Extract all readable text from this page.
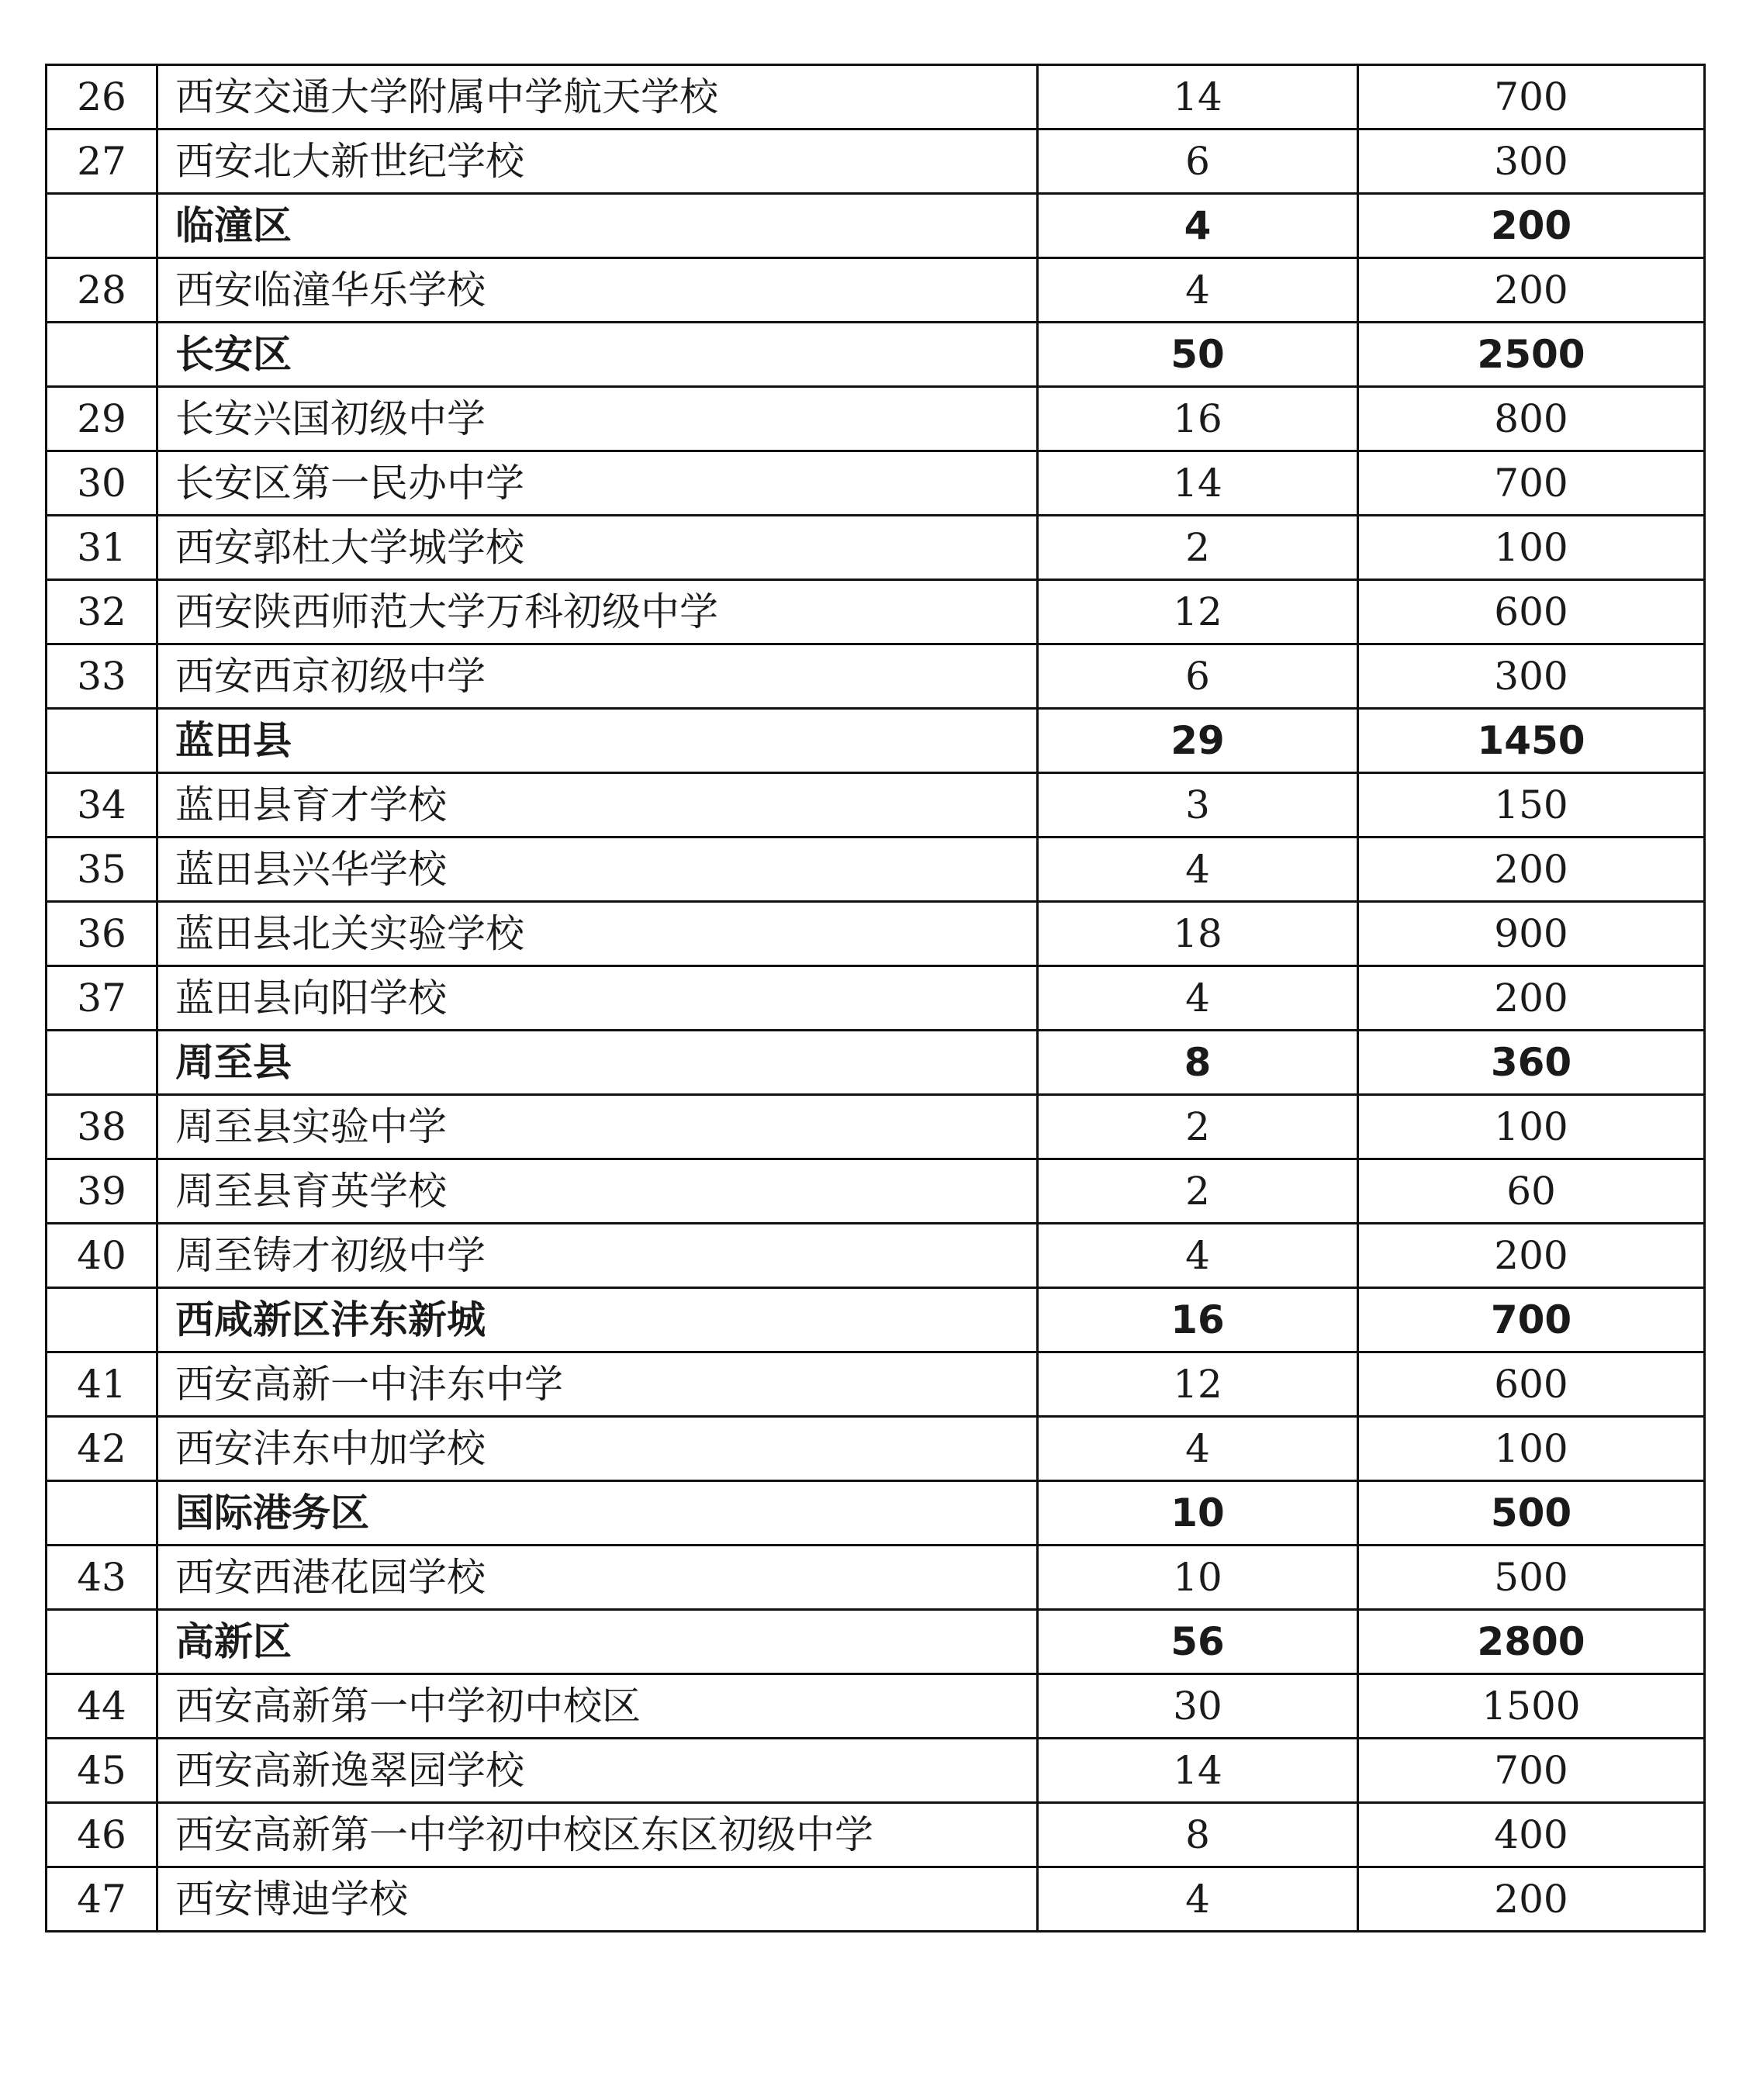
26	西安交通大学附属中学航天学校	14	700
27	西安北大新世纪学校	6	300
	临潼区	4	200
28	西安临潼华乐学校	4	200
	长安区	50	2500
29	长安兴国初级中学	16	800
30	长安区第一民办中学	14	700
31	西安郭杜大学城学校	2	100
32	西安陕西师范大学万科初级中学	12	600
33	西安西京初级中学	6	300
	蓝田县	29	1450
34	蓝田县育才学校	3	150
35	蓝田县兴华学校	4	200
36	蓝田县北关实验学校	18	900
37	蓝田县向阳学校	4	200
	周至县	8	360
38	周至县实验中学	2	100
39	周至县育英学校	2	60
40	周至铸才初级中学	4	200
	西咸新区沣东新城	16	700
41	西安高新一中沣东中学	12	600
42	西安沣东中加学校	4	100
	国际港务区	10	500
43	西安西港花园学校	10	500
	高新区	56	2800
44	西安高新第一中学初中校区	30	1500
45	西安高新逸翠园学校	14	700
46	西安高新第一中学初中校区东区初级中学	8	400
47	西安博迪学校	4	200
